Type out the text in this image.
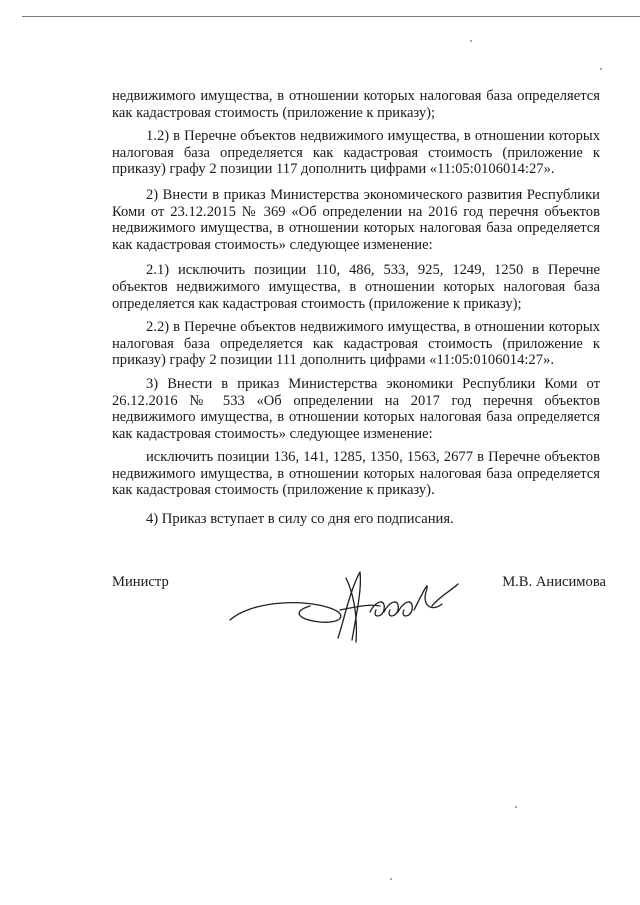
недвижимого имущества, в отношении которых налоговая база определяется как кадастровая стоимость (приложение к приказу);

1.2) в Перечне объектов недвижимого имущества, в отношении которых налоговая база определяется как кадастровая стоимость (приложение к приказу) графу 2 позиции 117 дополнить цифрами «11:05:0106014:27».

2) Внести в приказ Министерства экономического развития Республики Коми от 23.12.2015 № 369 «Об определении на 2016 год перечня объектов недвижимого имущества, в отношении которых налоговая база определяется как кадастровая стоимость» следующее изменение:

2.1) исключить позиции 110, 486, 533, 925, 1249, 1250 в Перечне объектов недвижимого имущества, в отношении которых налоговая база определяется как кадастровая стоимость (приложение к приказу);

2.2) в Перечне объектов недвижимого имущества, в отношении которых налоговая база определяется как кадастровая стоимость (приложение к приказу) графу 2 позиции 111 дополнить цифрами «11:05:0106014:27».

3) Внести в приказ Министерства экономики Республики Коми от 26.12.2016 № 533 «Об определении на 2017 год перечня объектов недвижимого имущества, в отношении которых налоговая база определяется как кадастровая стоимость» следующее изменение:

исключить позиции 136, 141, 1285, 1350, 1563, 2677 в Перечне объектов недвижимого имущества, в отношении которых налоговая база определяется как кадастровая стоимость (приложение к приказу).

4) Приказ вступает в силу со дня его подписания.

Министр	М.В. Анисимова
